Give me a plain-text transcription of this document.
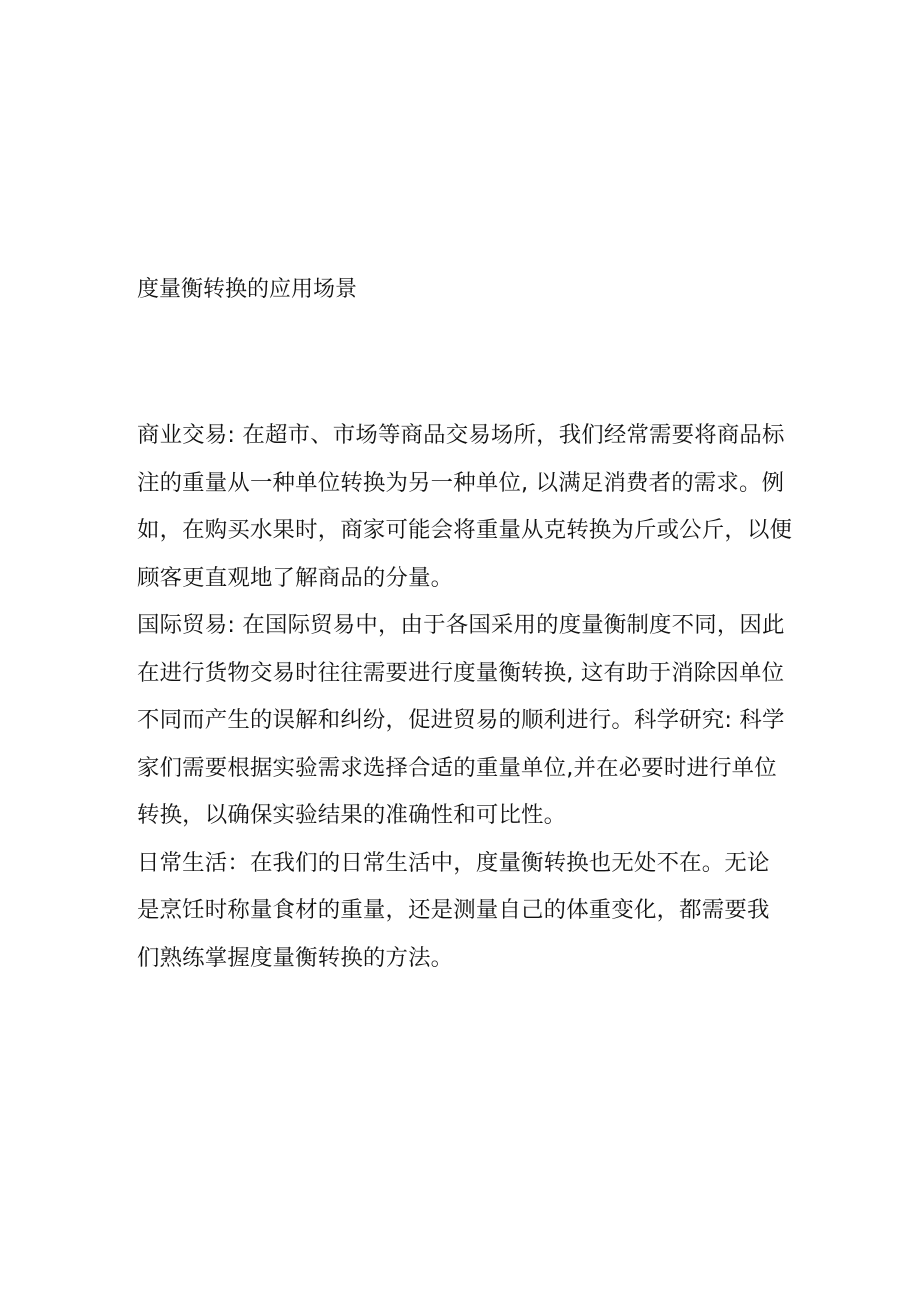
度量衡转换的应用场景
商业交易: 在超市、市场等商品交易场所，我们经常需要将商品标
注的重量从一种单位转换为另一种单位, 以满足消费者的需求。例
如，在购买水果时，商家可能会将重量从克转换为斤或公斤，以便
顾客更直观地了解商品的分量。
国际贸易: 在国际贸易中，由于各国采用的度量衡制度不同，因此
在进行货物交易时往往需要进行度量衡转换, 这有助于消除因单位
不同而产生的误解和纠纷，促进贸易的顺利进行。科学研究: 科学
家们需要根据实验需求选择合适的重量单位,并在必要时进行单位
转换，以确保实验结果的准确性和可比性。
日常生活：在我们的日常生活中，度量衡转换也无处不在。无论
是烹饪时称量食材的重量，还是测量自己的体重变化，都需要我
们熟练掌握度量衡转换的方法。
